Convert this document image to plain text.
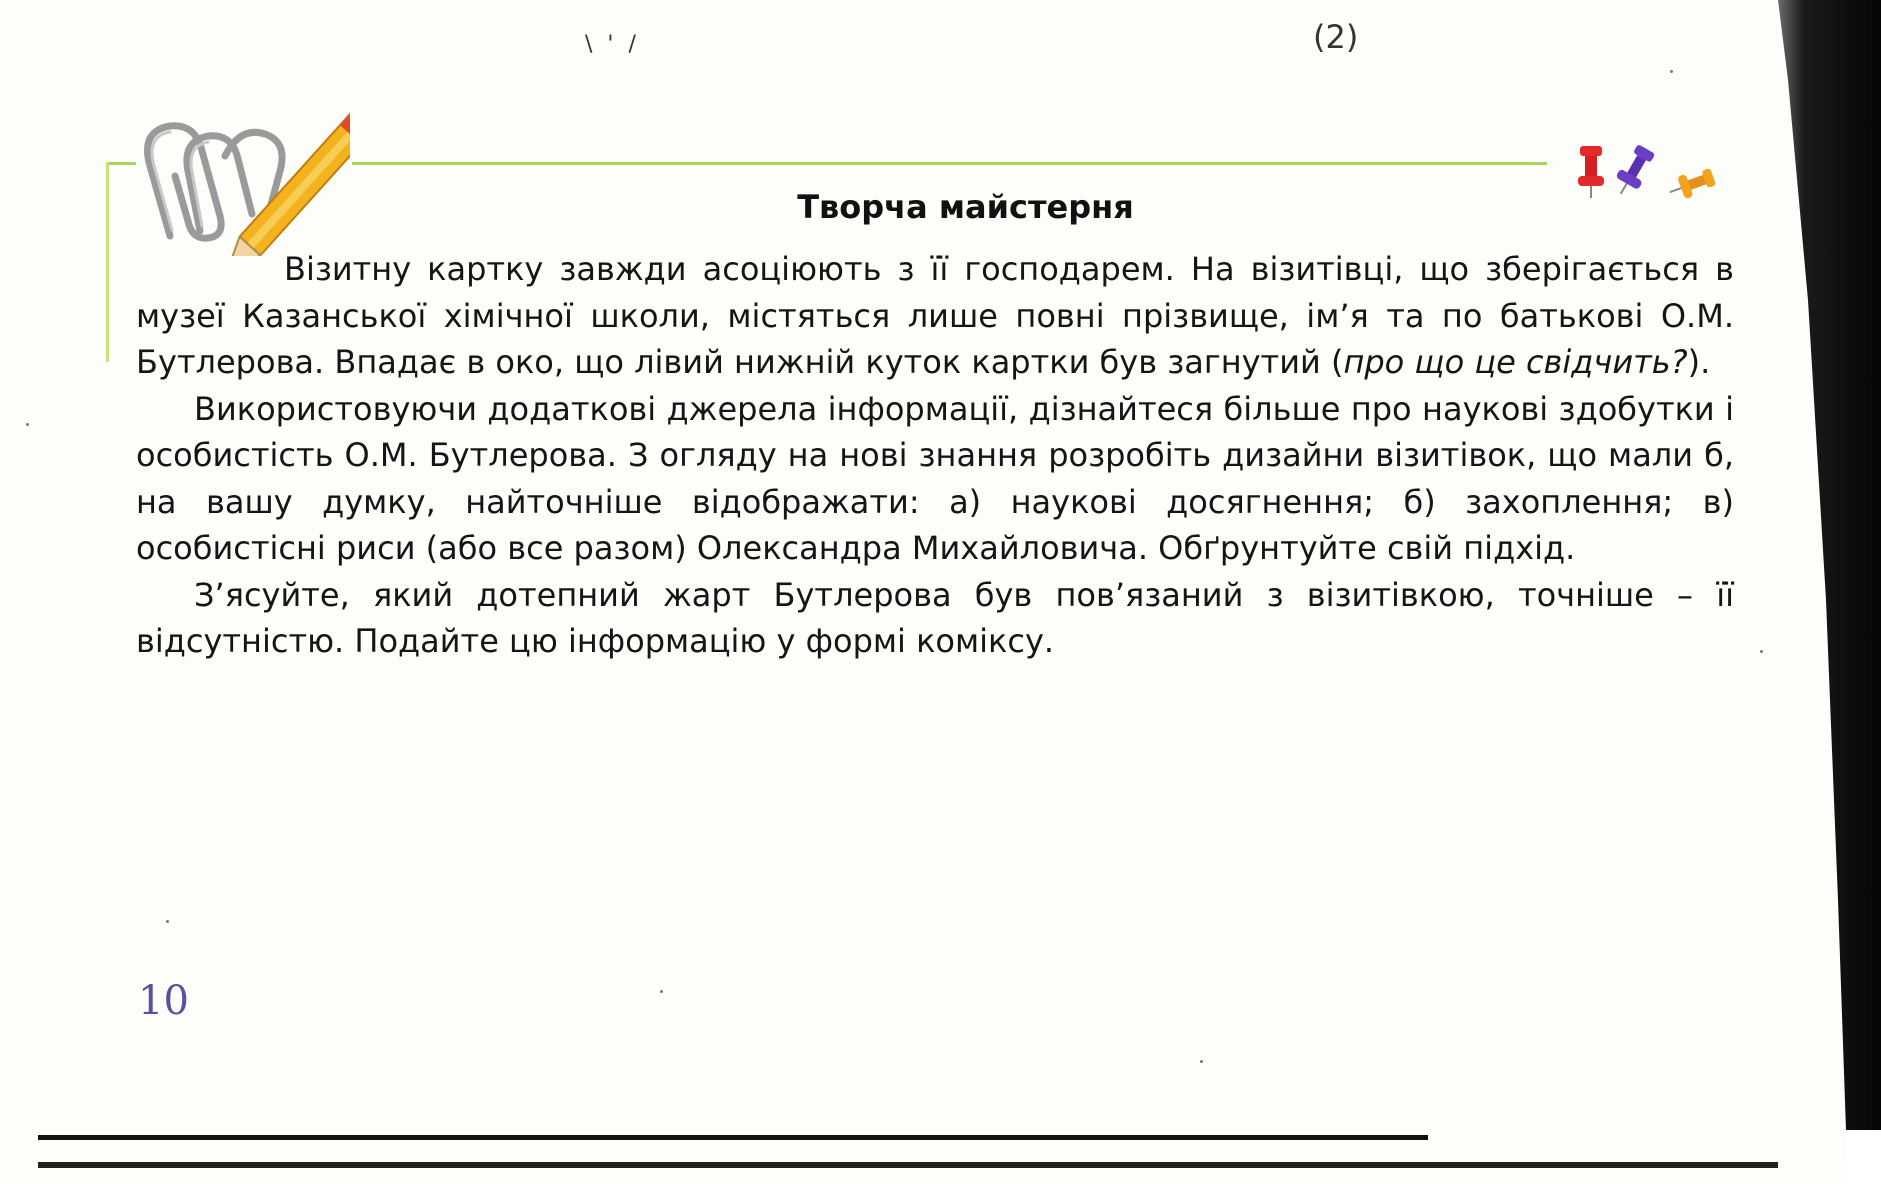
\ ' /	(2)
Творча майстерня

Візитну картку завжди асоціюють з її господарем. На візитівці, що зберігається в музеї Казанської хімічної школи, містяться лише повні прізвище, ім’я та по батькові О.М. Бутлерова. Впадає в око, що лівий нижній куток картки був загнутий (про що це свідчить?).

Використовуючи додаткові джерела інформації, дізнайтеся більше про наукові здобутки і особистість О.М. Бутлерова. З огляду на нові знання розробіть дизайни візитівок, що мали б, на вашу думку, найточніше відображати: а) наукові досягнення; б) захоплення; в) особистісні риси (або все разом) Олександра Михайловича. Обґрунтуйте свій підхід.

З’ясуйте, який дотепний жарт Бутлерова був пов’язаний з візитівкою, точніше – її відсутністю. Подайте цю інформацію у формі коміксу.

10
